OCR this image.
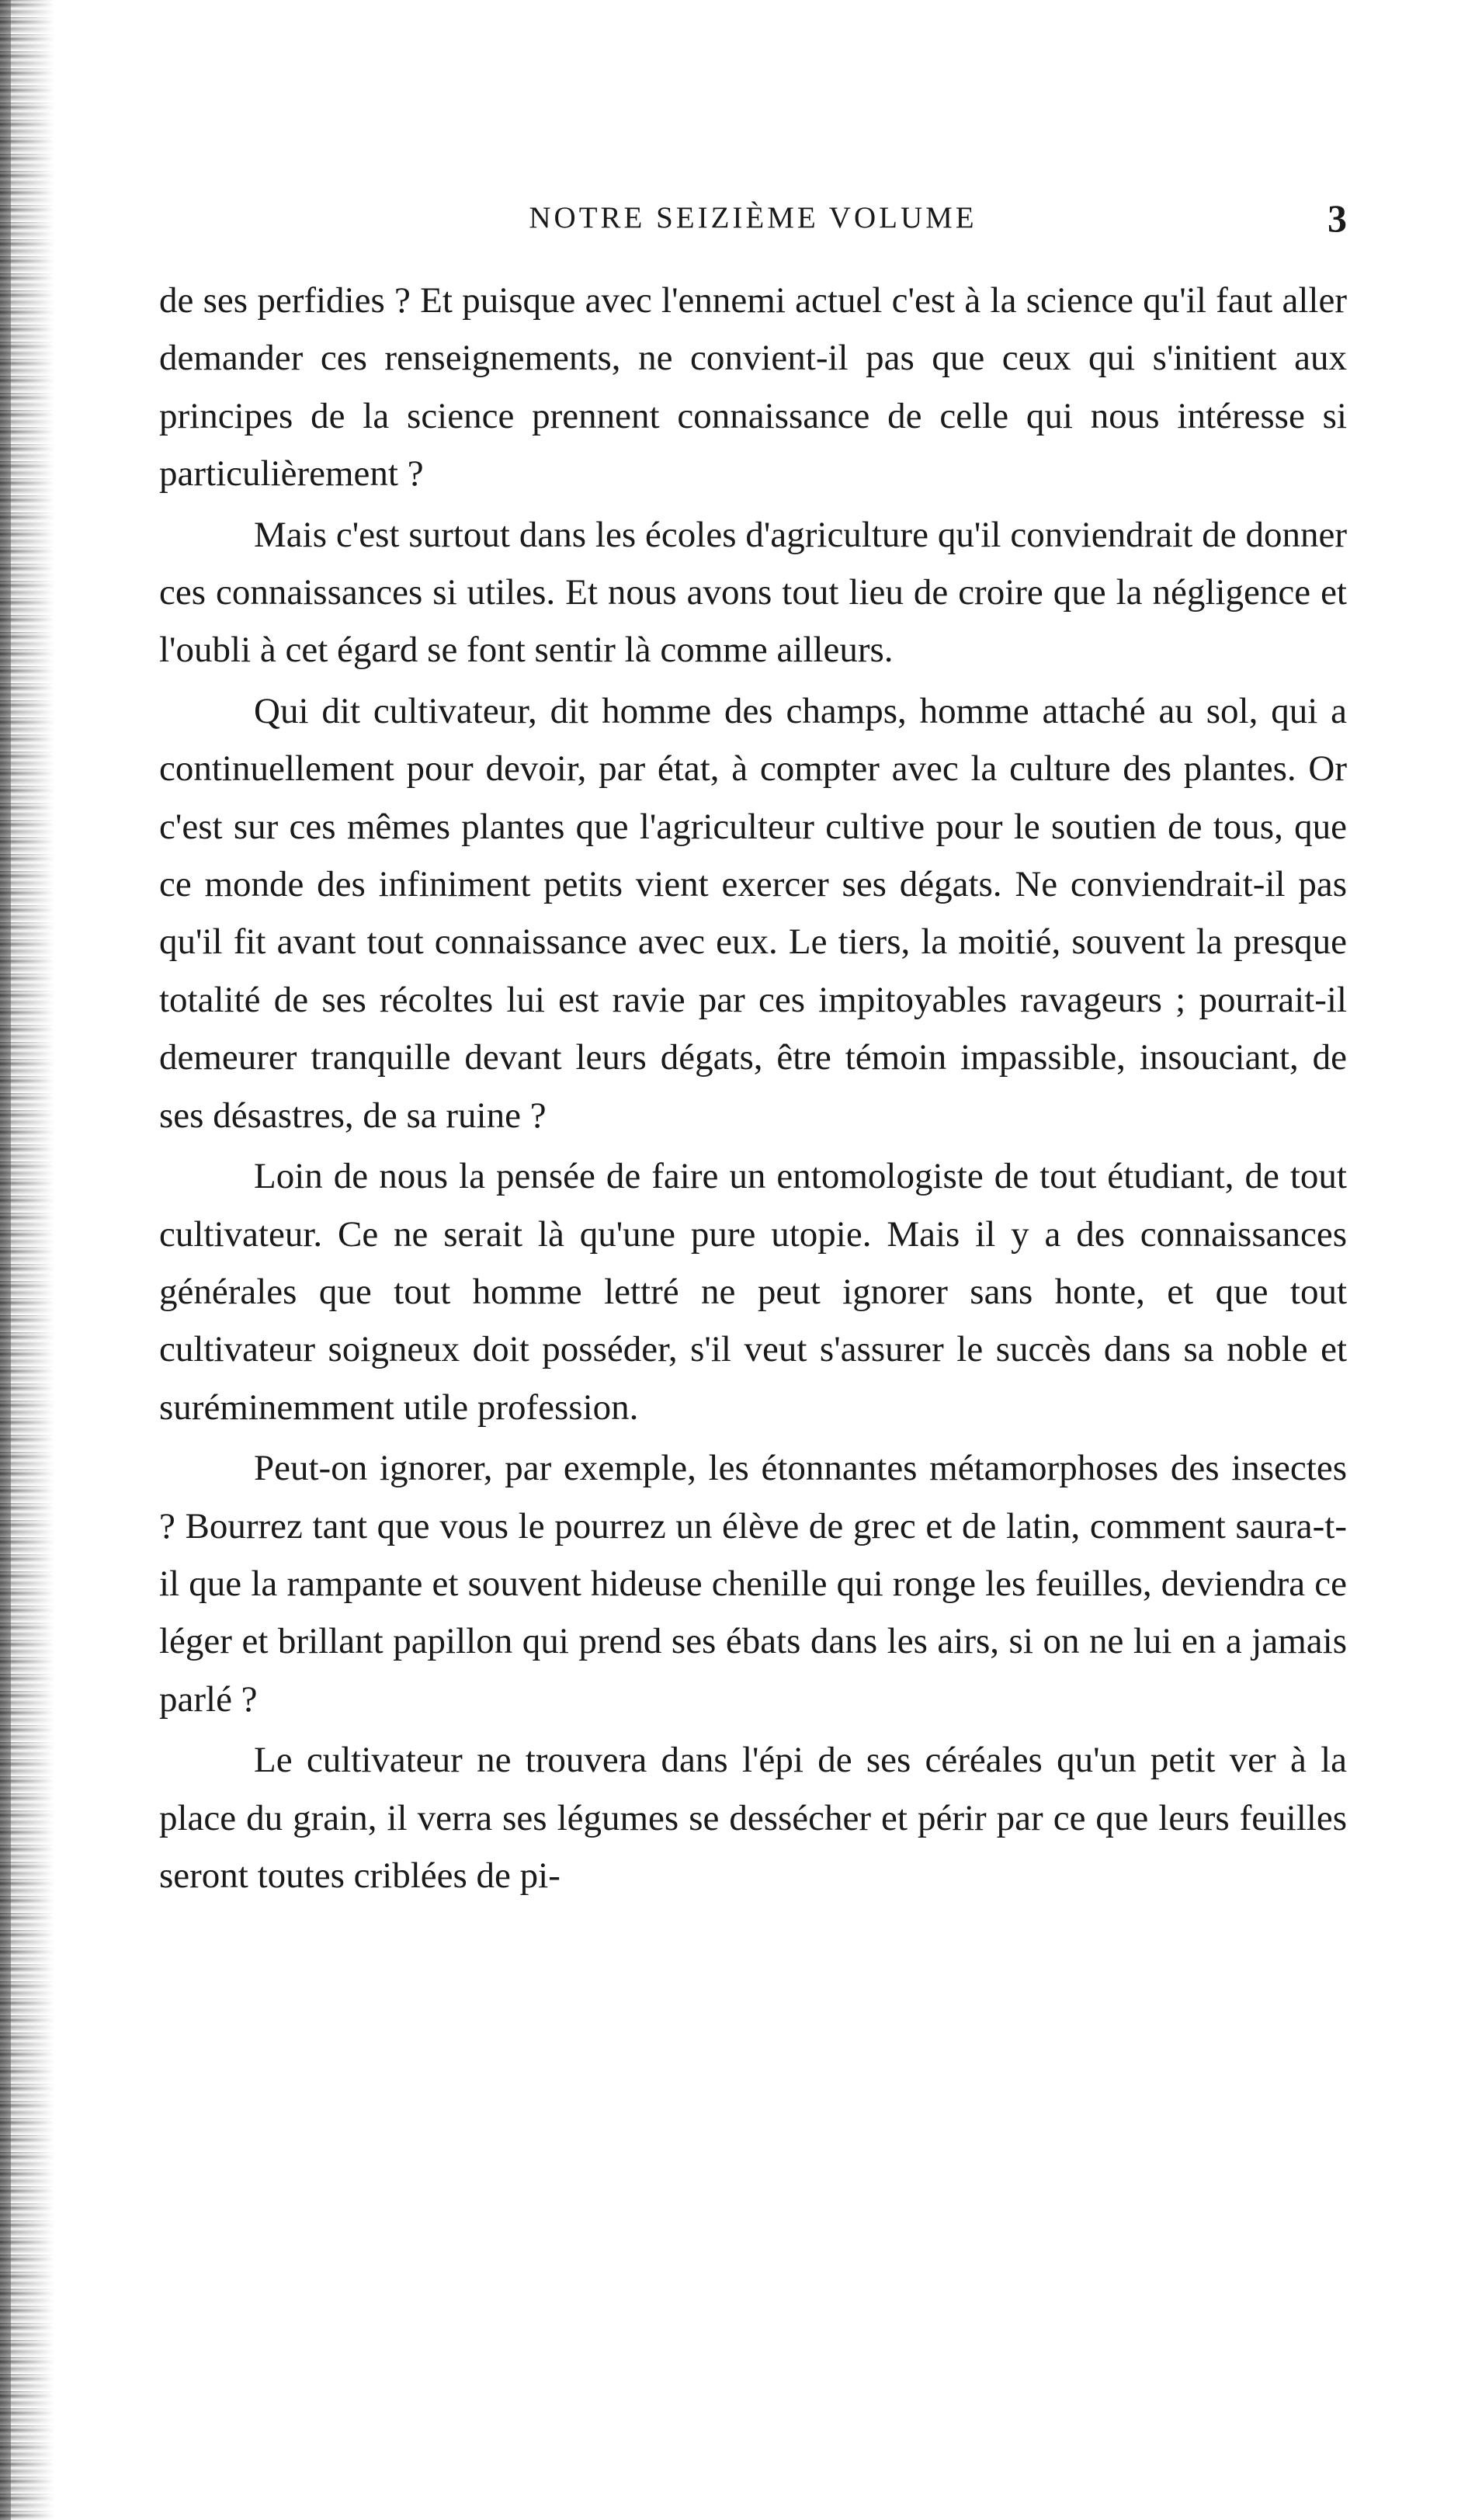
NOTRE SEIZIÈME VOLUME	3

de ses perfidies ? Et puisque avec l'ennemi actuel c'est à la science qu'il faut aller demander ces renseignements, ne convient-il pas que ceux qui s'initient aux principes de la science prennent connaissance de celle qui nous intéresse si particulièrement ?

Mais c'est surtout dans les écoles d'agriculture qu'il conviendrait de donner ces connaissances si utiles. Et nous avons tout lieu de croire que la négligence et l'oubli à cet égard se font sentir là comme ailleurs.

Qui dit cultivateur, dit homme des champs, homme attaché au sol, qui a continuellement pour devoir, par état, à compter avec la culture des plantes. Or c'est sur ces mêmes plantes que l'agriculteur cultive pour le soutien de tous, que ce monde des infiniment petits vient exercer ses dégats. Ne conviendrait-il pas qu'il fit avant tout connaissance avec eux. Le tiers, la moitié, souvent la presque totalité de ses récoltes lui est ravie par ces impitoyables ravageurs ; pourrait-il demeurer tranquille devant leurs dégats, être témoin impassible, insouciant, de ses désastres, de sa ruine ?

Loin de nous la pensée de faire un entomologiste de tout étudiant, de tout cultivateur. Ce ne serait là qu'une pure utopie. Mais il y a des connaissances générales que tout homme lettré ne peut ignorer sans honte, et que tout cultivateur soigneux doit posséder, s'il veut s'assurer le succès dans sa noble et suréminemment utile profession.

Peut-on ignorer, par exemple, les étonnantes métamorphoses des insectes ? Bourrez tant que vous le pourrez un élève de grec et de latin, comment saura-t-il que la rampante et souvent hideuse chenille qui ronge les feuilles, deviendra ce léger et brillant papillon qui prend ses ébats dans les airs, si on ne lui en a jamais parlé ?

Le cultivateur ne trouvera dans l'épi de ses céréales qu'un petit ver à la place du grain, il verra ses légumes se dessécher et périr par ce que leurs feuilles seront toutes criblées de pi-
